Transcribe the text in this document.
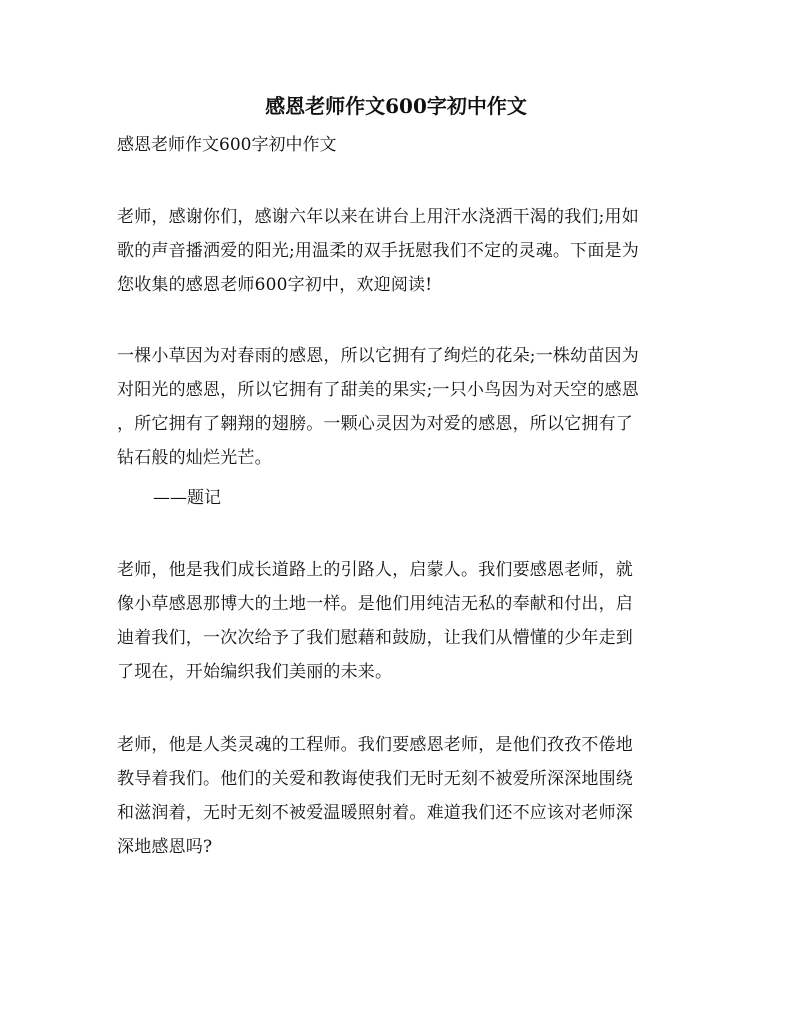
感恩老师作文600字初中作文

感恩老师作文600字初中作文

老师，感谢你们，感谢六年以来在讲台上用汗水浇洒干渴的我们;用如
歌的声音播洒爱的阳光;用温柔的双手抚慰我们不定的灵魂。下面是为
您收集的感恩老师600字初中，欢迎阅读!
一棵小草因为对春雨的感恩，所以它拥有了绚烂的花朵;一株幼苗因为
对阳光的感恩，所以它拥有了甜美的果实;一只小鸟因为对天空的感恩
，所它拥有了翱翔的翅膀。一颗心灵因为对爱的感恩，所以它拥有了
钻石般的灿烂光芒。

——题记

老师，他是我们成长道路上的引路人，启蒙人。我们要感恩老师，就
像小草感恩那博大的土地一样。是他们用纯洁无私的奉献和付出，启
迪着我们，一次次给予了我们慰藉和鼓励，让我们从懵懂的少年走到
了现在，开始编织我们美丽的未来。
老师，他是人类灵魂的工程师。我们要感恩老师，是他们孜孜不倦地
教导着我们。他们的关爱和教诲使我们无时无刻不被爱所深深地围绕
和滋润着，无时无刻不被爱温暖照射着。难道我们还不应该对老师深
深地感恩吗?
